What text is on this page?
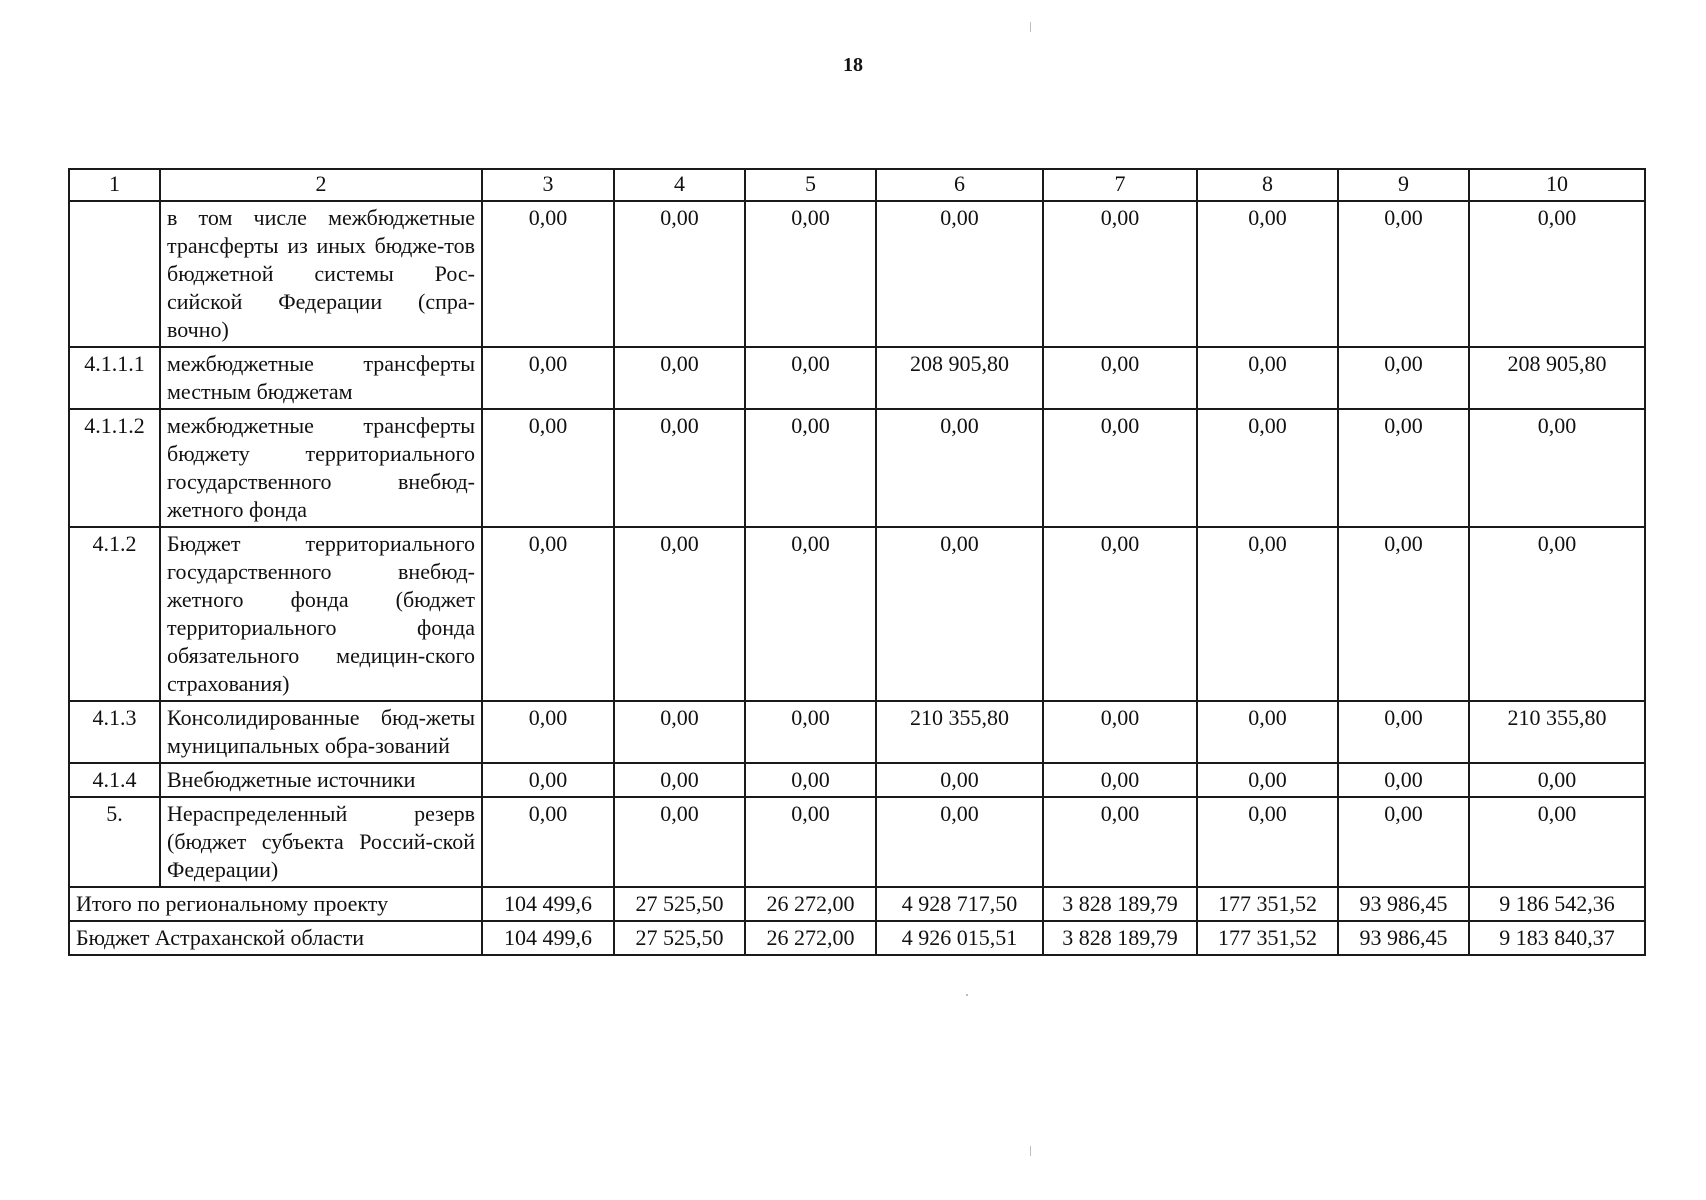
18
1	2	3	4	5	6	7	8	9	10
	в том числе межбюджетные трансферты из иных бюдже-тов бюджетной системы Рос-сийской Федерации (спра-вочно)	0,00	0,00	0,00	0,00	0,00	0,00	0,00	0,00
4.1.1.1	межбюджетные трансферты местным бюджетам	0,00	0,00	0,00	208 905,80	0,00	0,00	0,00	208 905,80
4.1.1.2	межбюджетные трансферты бюджету территориального государственного внебюд-жетного фонда	0,00	0,00	0,00	0,00	0,00	0,00	0,00	0,00
4.1.2	Бюджет территориального государственного внебюд-жетного фонда (бюджет территориального фонда обязательного медицин-ского страхования)	0,00	0,00	0,00	0,00	0,00	0,00	0,00	0,00
4.1.3	Консолидированные бюд-жеты муниципальных обра-зований	0,00	0,00	0,00	210 355,80	0,00	0,00	0,00	210 355,80
4.1.4	Внебюджетные источники	0,00	0,00	0,00	0,00	0,00	0,00	0,00	0,00
5.	Нераспределенный резерв (бюджет субъекта Россий-ской Федерации)	0,00	0,00	0,00	0,00	0,00	0,00	0,00	0,00
Итого по региональному проекту		104 499,6	27 525,50	26 272,00	4 928 717,50	3 828 189,79	177 351,52	93 986,45	9 186 542,36
Бюджет Астраханской области		104 499,6	27 525,50	26 272,00	4 926 015,51	3 828 189,79	177 351,52	93 986,45	9 183 840,37
